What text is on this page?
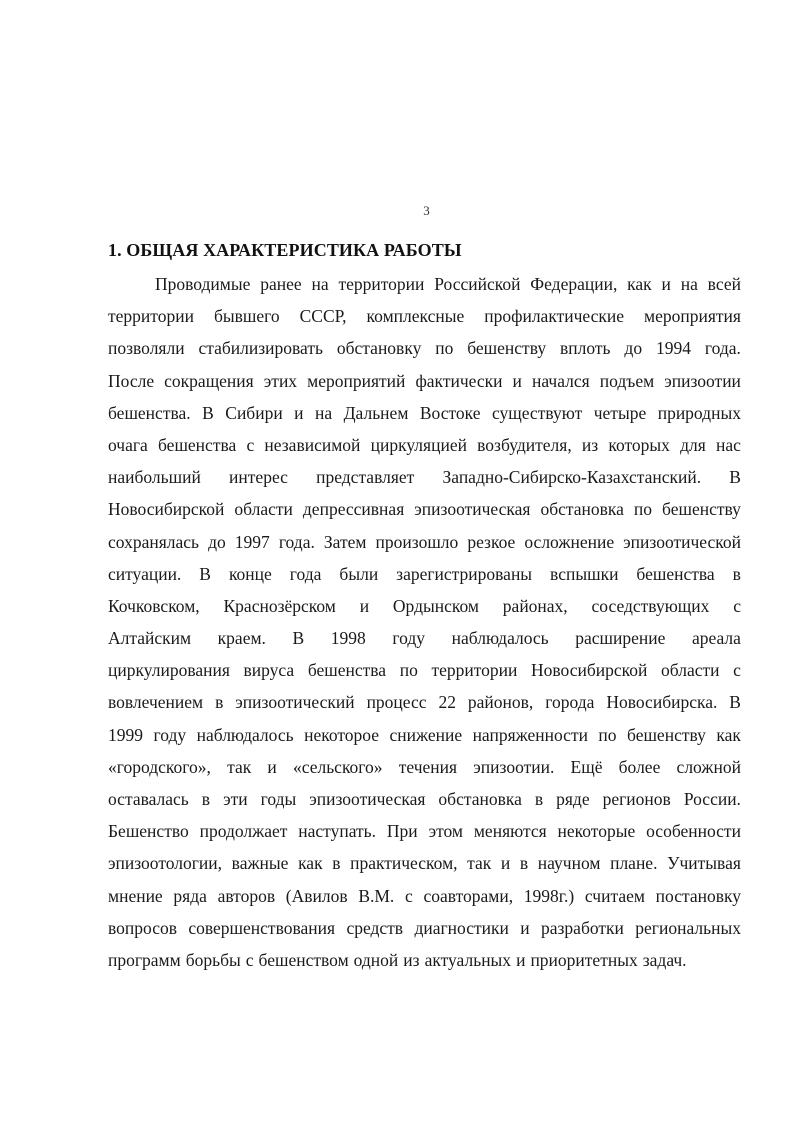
3
1. ОБЩАЯ ХАРАКТЕРИСТИКА РАБОТЫ
Проводимые ранее на территории Российской Федерации, как и на всей
территории бывшего СССР, комплексные профилактические мероприятия
позволяли стабилизировать обстановку по бешенству вплоть до 1994 года.
После сокращения этих мероприятий фактически и начался подъем эпизоотии
бешенства. В Сибири и на Дальнем Востоке существуют четыре природных
очага бешенства с независимой циркуляцией возбудителя, из которых для нас
наибольший интерес представляет Западно-Сибирско-Казахстанский. В
Новосибирской области депрессивная эпизоотическая обстановка по бешенству
сохранялась до 1997 года. Затем произошло резкое осложнение эпизоотической
ситуации. В конце года были зарегистрированы вспышки бешенства в
Кочковском, Краснозёрском и Ордынском районах, соседствующих с
Алтайским краем. В 1998 году наблюдалось расширение ареала
циркулирования вируса бешенства по территории Новосибирской области с
вовлечением в эпизоотический процесс 22 районов, города Новосибирска. В
1999 году наблюдалось некоторое снижение напряженности по бешенству как
«городского», так и «сельского» течения эпизоотии. Ещё более сложной
оставалась в эти годы эпизоотическая обстановка в ряде регионов России.
Бешенство продолжает наступать. При этом меняются некоторые особенности
эпизоотологии, важные как в практическом, так и в научном плане. Учитывая
мнение ряда авторов (Авилов В.М. с соавторами, 1998г.) считаем постановку
вопросов совершенствования средств диагностики и разработки региональных
программ борьбы с бешенством одной из актуальных и приоритетных задач.
